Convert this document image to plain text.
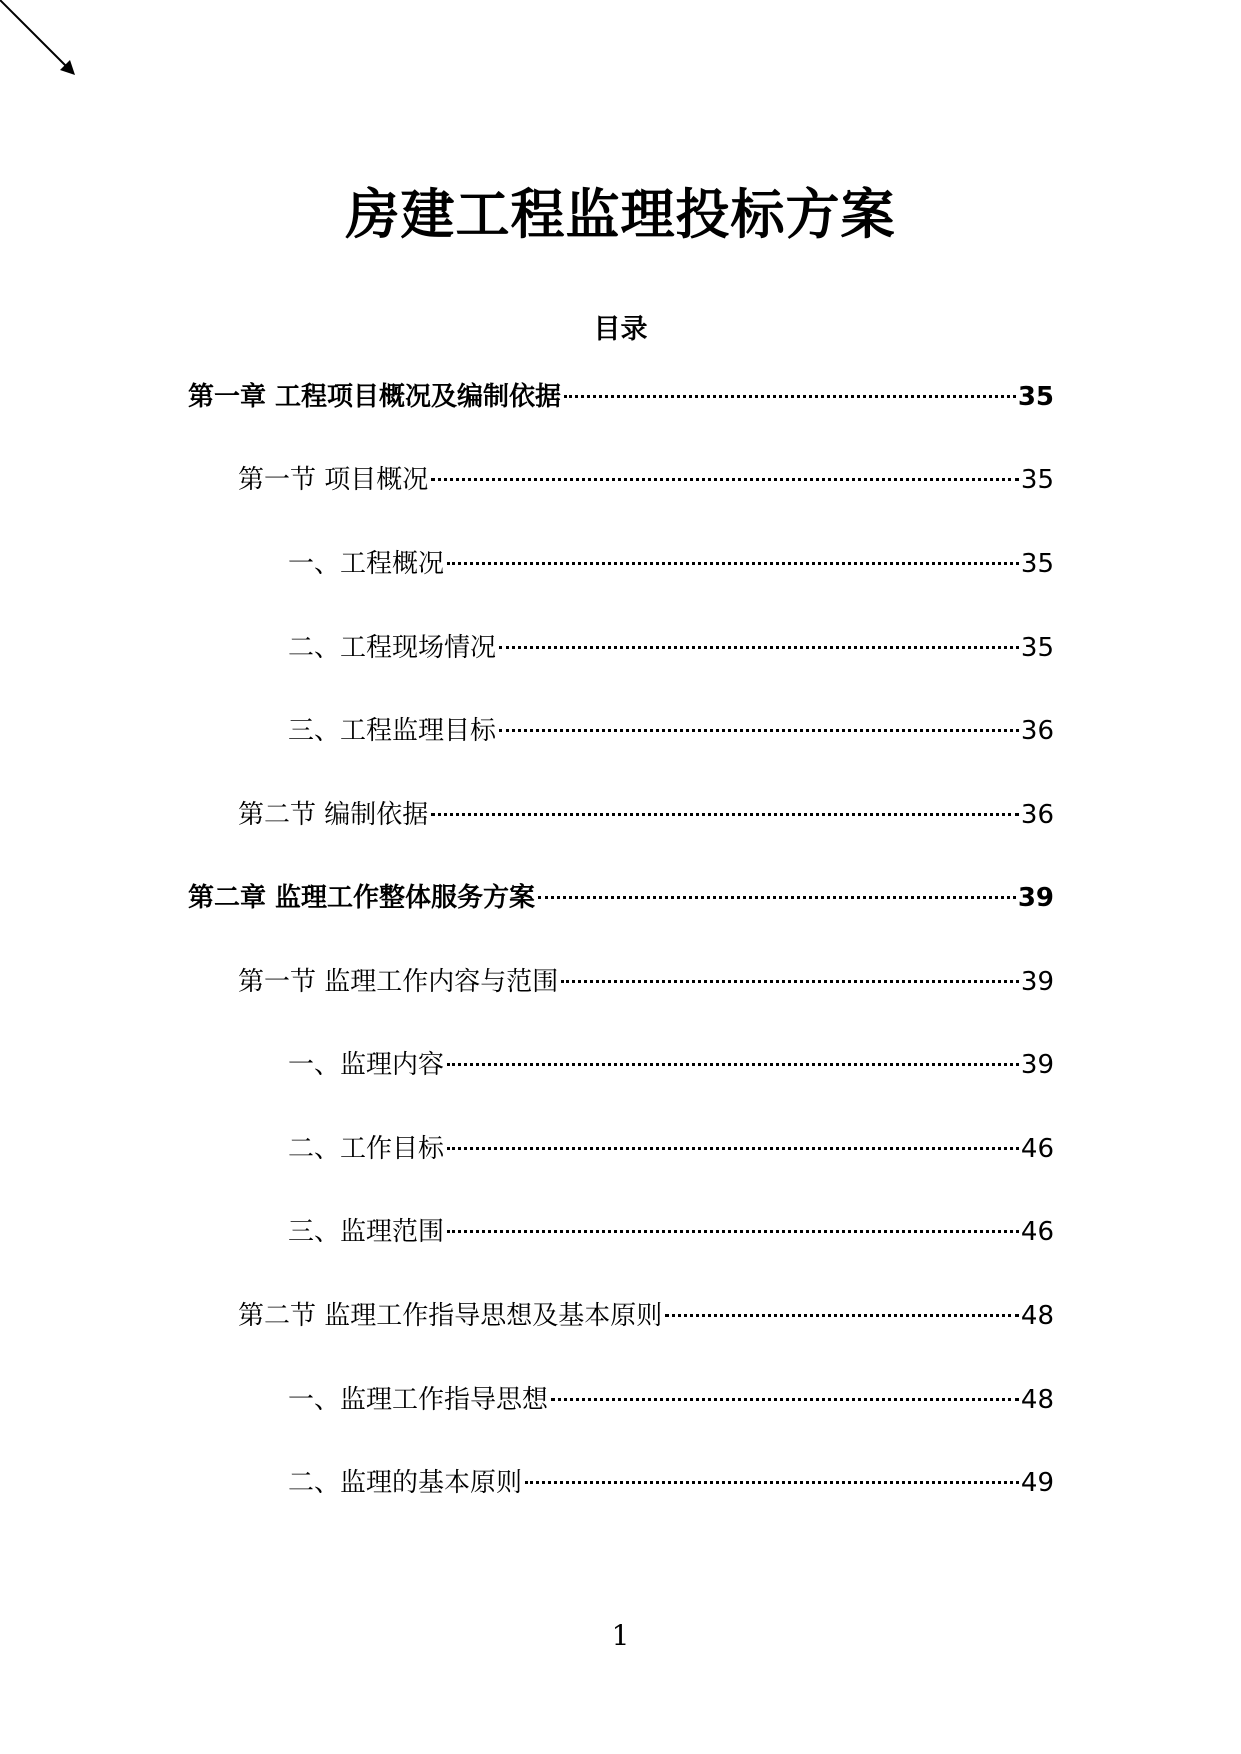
房建工程监理投标方案
目录
第一章 工程项目概况及编制依据	35
第一节 项目概况	35
一、工程概况	35
二、工程现场情况	35
三、工程监理目标	36
第二节 编制依据	36
第二章 监理工作整体服务方案	39
第一节 监理工作内容与范围	39
一、监理内容	39
二、工作目标	46
三、监理范围	46
第二节 监理工作指导思想及基本原则	48
一、监理工作指导思想	48
二、监理的基本原则	49
1
